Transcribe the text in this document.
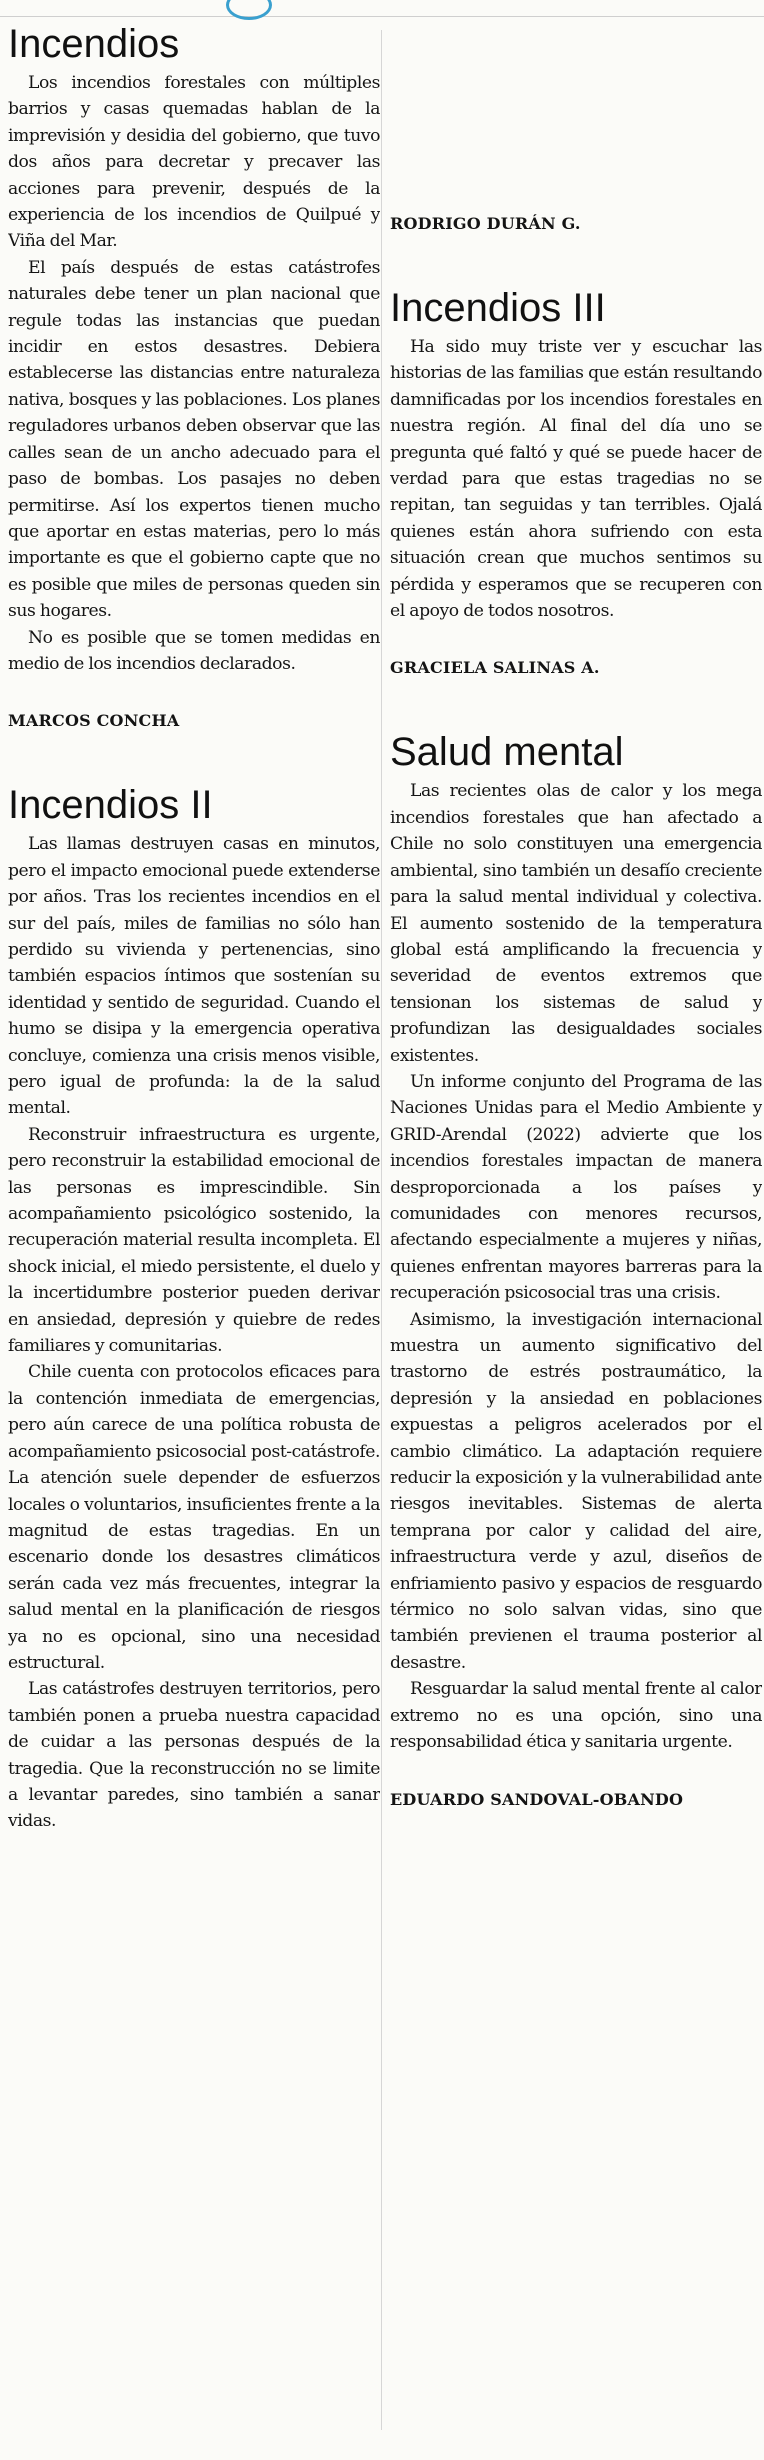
Incendios

Los incendios forestales con múltiples barrios y casas quemadas hablan de la imprevisión y desidia del gobierno, que tuvo dos años para decretar y precaver las acciones para prevenir, después de la experiencia de los incendios de Quilpué y Viña del Mar.

El país después de estas catástrofes naturales debe tener un plan nacional que regule todas las instancias que puedan incidir en estos desastres. Debiera establecerse las distancias entre naturaleza nativa, bosques y las poblaciones. Los planes reguladores urbanos deben observar que las calles sean de un ancho adecuado para el paso de bombas. Los pasajes no deben permitirse. Así los expertos tienen mucho que aportar en estas materias, pero lo más importante es que el gobierno capte que no es posible que miles de personas queden sin sus hogares.

No es posible que se tomen medidas en medio de los incendios declarados.

MARCOS CONCHA
Incendios II

Las llamas destruyen casas en minutos, pero el impacto emocional puede extenderse por años. Tras los recientes incendios en el sur del país, miles de familias no sólo han perdido su vivienda y pertenencias, sino también espacios íntimos que sostenían su identidad y sentido de seguridad. Cuando el humo se disipa y la emergencia operativa concluye, comienza una crisis menos visible, pero igual de profunda: la de la salud mental.

Reconstruir infraestructura es urgente, pero reconstruir la estabilidad emocional de las personas es imprescindible. Sin acompañamiento psicológico sostenido, la recuperación material resulta incompleta. El shock inicial, el miedo persistente, el duelo y la incertidumbre posterior pueden derivar en ansiedad, depresión y quiebre de redes familiares y comunitarias.

Chile cuenta con protocolos eficaces para la contención inmediata de emergencias, pero aún carece de una política robusta de acompañamiento psicosocial post-catástrofe. La atención suele depender de esfuerzos locales o voluntarios, insuficientes frente a la magnitud de estas tragedias. En un escenario donde los desastres climáticos serán cada vez más frecuentes, integrar la salud mental en la planificación de riesgos ya no es opcional, sino una necesidad estructural.

Las catástrofes destruyen territorios, pero también ponen a prueba nuestra capacidad de cuidar a las personas después de la tragedia. Que la reconstrucción no se limite a levantar paredes, sino también a sanar vidas.

RODRIGO DURÁN G.
Incendios III

Ha sido muy triste ver y escuchar las historias de las familias que están resultando damnificadas por los incendios forestales en nuestra región. Al final del día uno se pregunta qué faltó y qué se puede hacer de verdad para que estas tragedias no se repitan, tan seguidas y tan terribles. Ojalá quienes están ahora sufriendo con esta situación crean que muchos sentimos su pérdida y esperamos que se recuperen con el apoyo de todos nosotros.

GRACIELA SALINAS A.
Salud mental

Las recientes olas de calor y los mega incendios forestales que han afectado a Chile no solo constituyen una emergencia ambiental, sino también un desafío creciente para la salud mental individual y colectiva. El aumento sostenido de la temperatura global está amplificando la frecuencia y severidad de eventos extremos que tensionan los sistemas de salud y profundizan las desigualdades sociales existentes.

Un informe conjunto del Programa de las Naciones Unidas para el Medio Ambiente y GRID-Arendal (2022) advierte que los incendios forestales impactan de manera desproporcionada a los países y comunidades con menores recursos, afectando especialmente a mujeres y niñas, quienes enfrentan mayores barreras para la recuperación psicosocial tras una crisis.

Asimismo, la investigación internacional muestra un aumento significativo del trastorno de estrés postraumático, la depresión y la ansiedad en poblaciones expuestas a peligros acelerados por el cambio climático. La adaptación requiere reducir la exposición y la vulnerabilidad ante riesgos inevitables. Sistemas de alerta temprana por calor y calidad del aire, infraestructura verde y azul, diseños de enfriamiento pasivo y espacios de resguardo térmico no solo salvan vidas, sino que también previenen el trauma posterior al desastre.

Resguardar la salud mental frente al calor extremo no es una opción, sino una responsabilidad ética y sanitaria urgente.

EDUARDO SANDOVAL-OBANDO
